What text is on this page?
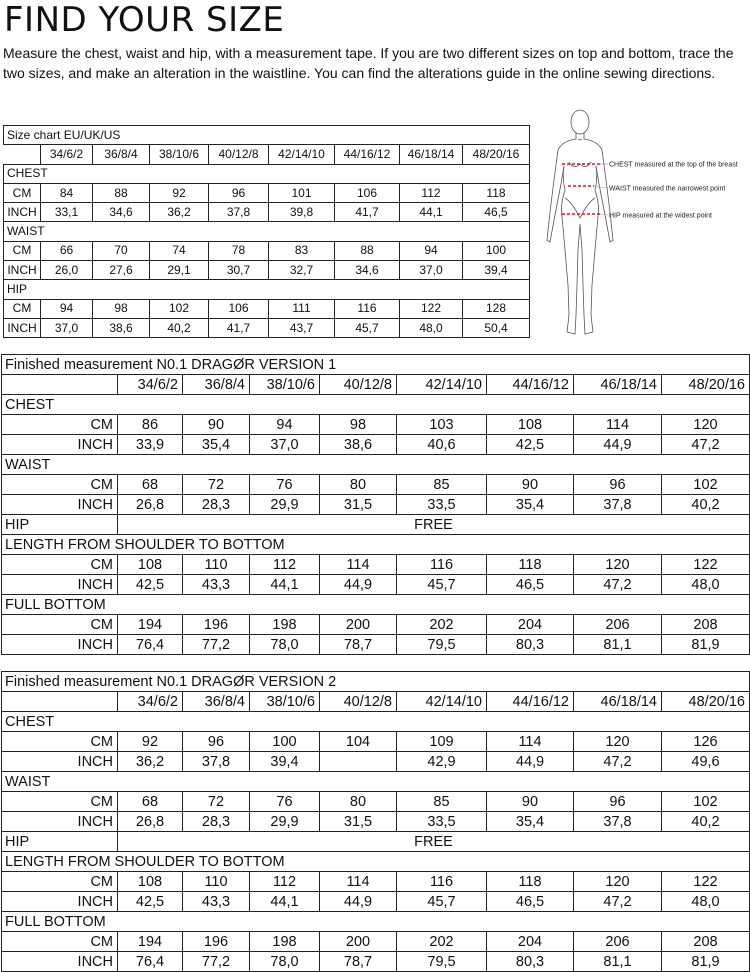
FIND YOUR SIZE

Measure the chest, waist and hip, with a measurement tape. If you are two different sizes on top and bottom, trace the two sizes, and make an alteration in the waistline. You can find the alterations guide in the online sewing directions.

Size chart EU/UK/US								
	34/6/2	36/8/4	38/10/6	40/12/8	42/14/10	44/16/12	46/18/14	48/20/16
CHEST								
CM	84	88	92	96	101	106	112	118
INCH	33,1	34,6	36,2	37,8	39,8	41,7	44,1	46,5
WAIST								
CM	66	70	74	78	83	88	94	100
INCH	26,0	27,6	29,1	30,7	32,7	34,6	37,0	39,4
HIP								
CM	94	98	102	106	111	116	122	128
INCH	37,0	38,6	40,2	41,7	43,7	45,7	48,0	50,4
CHEST measured at the top of the breast
WAIST measured the narrowest point
HIP measured at the widest point
Finished measurement N0.1 DRAGØR VERSION 1								
	34/6/2	36/8/4	38/10/6	40/12/8	42/14/10	44/16/12	46/18/14	48/20/16
CHEST								
CM	86	90	94	98	103	108	114	120
INCH	33,9	35,4	37,0	38,6	40,6	42,5	44,9	47,2
WAIST								
CM	68	72	76	80	85	90	96	102
INCH	26,8	28,3	29,9	31,5	33,5	35,4	37,8	40,2
HIP	FREE							
LENGTH FROM SHOULDER TO BOTTOM								
CM	108	110	112	114	116	118	120	122
INCH	42,5	43,3	44,1	44,9	45,7	46,5	47,2	48,0
FULL BOTTOM								
CM	194	196	198	200	202	204	206	208
INCH	76,4	77,2	78,0	78,7	79,5	80,3	81,1	81,9
Finished measurement N0.1 DRAGØR VERSION 2								
	34/6/2	36/8/4	38/10/6	40/12/8	42/14/10	44/16/12	46/18/14	48/20/16
CHEST								
CM	92	96	100	104	109	114	120	126
INCH	36,2	37,8	39,4		42,9	44,9	47,2	49,6
WAIST								
CM	68	72	76	80	85	90	96	102
INCH	26,8	28,3	29,9	31,5	33,5	35,4	37,8	40,2
HIP	FREE							
LENGTH FROM SHOULDER TO BOTTOM								
CM	108	110	112	114	116	118	120	122
INCH	42,5	43,3	44,1	44,9	45,7	46,5	47,2	48,0
FULL BOTTOM								
CM	194	196	198	200	202	204	206	208
INCH	76,4	77,2	78,0	78,7	79,5	80,3	81,1	81,9
